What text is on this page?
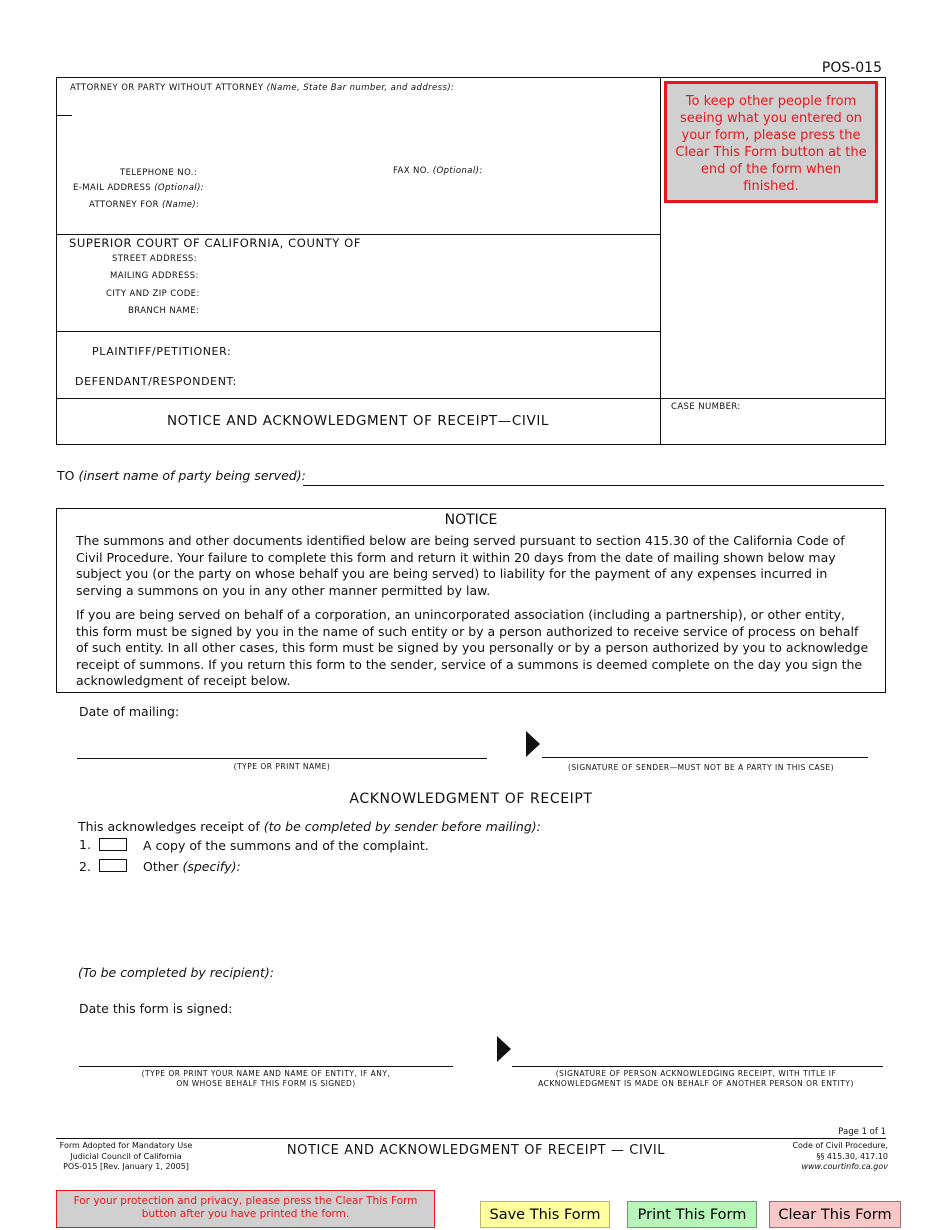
POS-015
ATTORNEY OR PARTY WITHOUT ATTORNEY (Name, State Bar number, and address):
TELEPHONE NO.:	FAX NO. (Optional):
E-MAIL ADDRESS (Optional):
ATTORNEY FOR (Name):
To keep other people from seeing what you entered on your form, please press the Clear This Form button at the end of the form when finished.
SUPERIOR COURT OF CALIFORNIA, COUNTY OF
STREET ADDRESS:
MAILING ADDRESS:
CITY AND ZIP CODE:
BRANCH NAME:
PLAINTIFF/PETITIONER:
DEFENDANT/RESPONDENT:
NOTICE AND ACKNOWLEDGMENT OF RECEIPT—CIVIL
CASE NUMBER:
TO (insert name of party being served):
NOTICE

The summons and other documents identified below are being served pursuant to section 415.30 of the California Code of Civil Procedure. Your failure to complete this form and return it within 20 days from the date of mailing shown below may subject you (or the party on whose behalf you are being served) to liability for the payment of any expenses incurred in serving a summons on you in any other manner permitted by law.

If you are being served on behalf of a corporation, an unincorporated association (including a partnership), or other entity, this form must be signed by you in the name of such entity or by a person authorized to receive service of process on behalf of such entity. In all other cases, this form must be signed by you personally or by a person authorized by you to acknowledge receipt of summons. If you return this form to the sender, service of a summons is deemed complete on the day you sign the acknowledgment of receipt below.

Date of mailing:
(TYPE OR PRINT NAME)	(SIGNATURE OF SENDER—MUST NOT BE A PARTY IN THIS CASE)
ACKNOWLEDGMENT OF RECEIPT
This acknowledges receipt of (to be completed by sender before mailing):
1.	A copy of the summons and of the complaint.
2.	Other (specify):
(To be completed by recipient):
Date this form is signed:
(TYPE OR PRINT YOUR NAME AND NAME OF ENTITY, IF ANY,
ON WHOSE BEHALF THIS FORM IS SIGNED)
(SIGNATURE OF PERSON ACKNOWLEDGING RECEIPT, WITH TITLE IF
ACKNOWLEDGMENT IS MADE ON BEHALF OF ANOTHER PERSON OR ENTITY)
Page 1 of 1
Form Adopted for Mandatory Use
Judicial Council of California
POS-015 [Rev. January 1, 2005]
NOTICE AND ACKNOWLEDGMENT OF RECEIPT — CIVIL	Code of Civil Procedure,
§§ 415.30, 417.10
www.courtinfo.ca.gov
For your protection and privacy, please press the Clear This Form button after you have printed the form.	Save This Form	Print This Form	Clear This Form
